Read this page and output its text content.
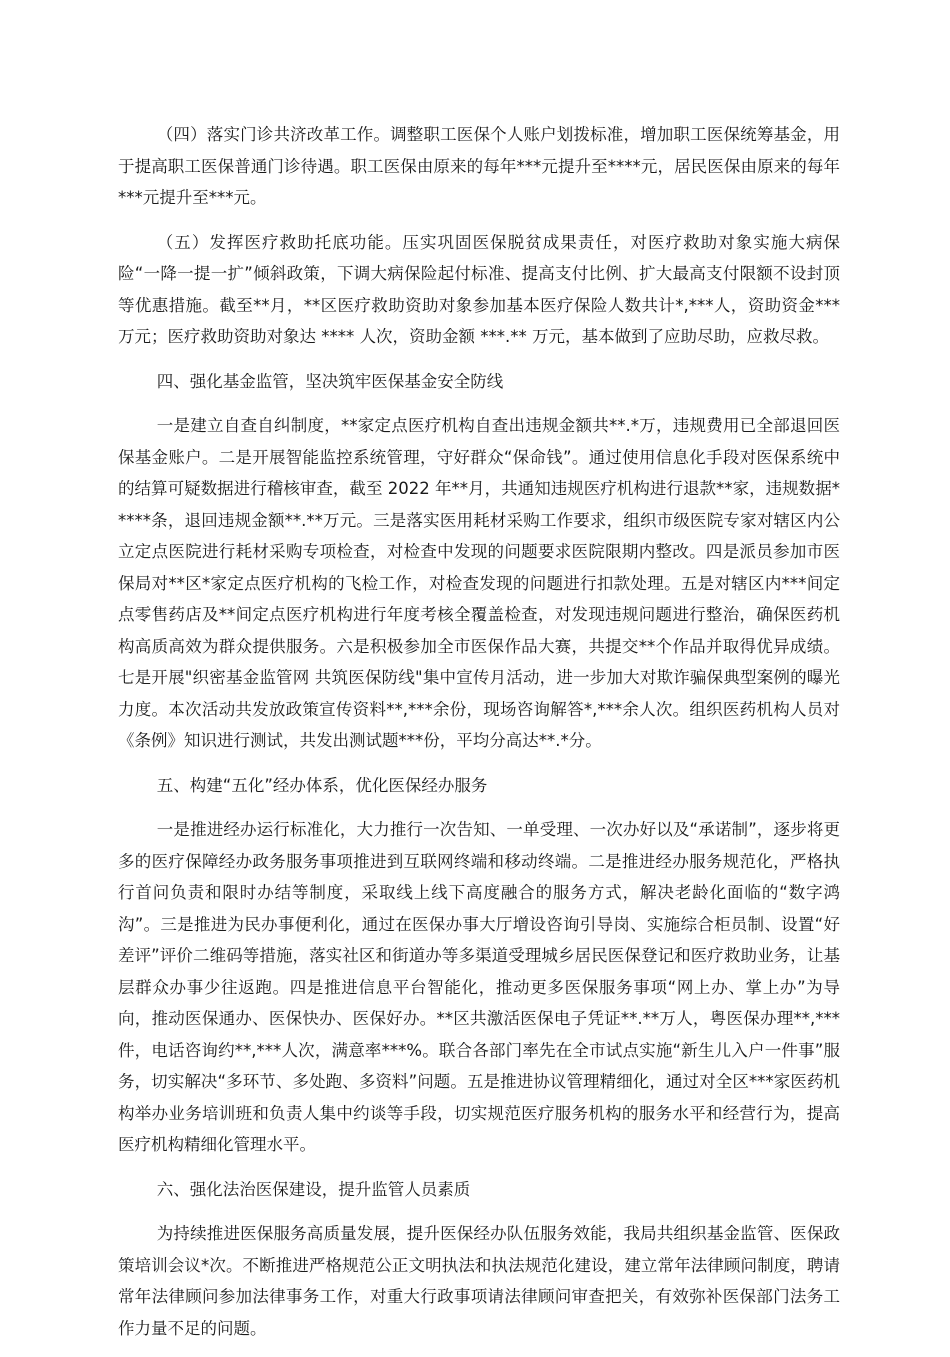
（四）落实门诊共济改革工作。调整职工医保个人账户划拨标准，增加职工医保统筹基金，用于提高职工医保普通门诊待遇。职工医保由原来的每年***元提升至****元，居民医保由原来的每年***元提升至***元。

（五）发挥医疗救助托底功能。压实巩固医保脱贫成果责任，对医疗救助对象实施大病保险“一降一提一扩”倾斜政策，下调大病保险起付标准、提高支付比例、扩大最高支付限额不设封顶等优惠措施。截至**月，**区医疗救助资助对象参加基本医疗保险人数共计*,***人，资助资金***万元；医疗救助资助对象达 **** 人次，资助金额 ***.** 万元，基本做到了应助尽助，应救尽救。

四、强化基金监管，坚决筑牢医保基金安全防线

一是建立自查自纠制度，**家定点医疗机构自查出违规金额共**.*万，违规费用已全部退回医保基金账户。二是开展智能监控系统管理，守好群众“保命钱”。通过使用信息化手段对医保系统中的结算可疑数据进行稽核审查，截至 2022 年**月，共通知违规医疗机构进行退款**家，违规数据*****条，退回违规金额**.**万元。三是落实医用耗材采购工作要求，组织市级医院专家对辖区内公立定点医院进行耗材采购专项检查，对检查中发现的问题要求医院限期内整改。四是派员参加市医保局对**区*家定点医疗机构的飞检工作，对检查发现的问题进行扣款处理。五是对辖区内***间定点零售药店及**间定点医疗机构进行年度考核全覆盖检查，对发现违规问题进行整治，确保医药机构高质高效为群众提供服务。六是积极参加全市医保作品大赛，共提交**个作品并取得优异成绩。七是开展"织密基金监管网 共筑医保防线"集中宣传月活动，进一步加大对欺诈骗保典型案例的曝光力度。本次活动共发放政策宣传资料**,***余份，现场咨询解答*,***余人次。组织医药机构人员对《条例》知识进行测试，共发出测试题***份，平均分高达**.*分。

五、构建“五化”经办体系，优化医保经办服务

一是推进经办运行标准化，大力推行一次告知、一单受理、一次办好以及“承诺制”，逐步将更多的医疗保障经办政务服务事项推进到互联网终端和移动终端。二是推进经办服务规范化，严格执行首问负责和限时办结等制度，采取线上线下高度融合的服务方式，解决老龄化面临的“数字鸿沟”。三是推进为民办事便利化，通过在医保办事大厅增设咨询引导岗、实施综合柜员制、设置“好差评”评价二维码等措施，落实社区和街道办等多渠道受理城乡居民医保登记和医疗救助业务，让基层群众办事少往返跑。四是推进信息平台智能化，推动更多医保服务事项“网上办、掌上办”为导向，推动医保通办、医保快办、医保好办。**区共激活医保电子凭证**.**万人，粤医保办理**,***件，电话咨询约**,***人次，满意率***%。联合各部门率先在全市试点实施“新生儿入户一件事”服务，切实解决“多环节、多处跑、多资料”问题。五是推进协议管理精细化，通过对全区***家医药机构举办业务培训班和负责人集中约谈等手段，切实规范医疗服务机构的服务水平和经营行为，提高医疗机构精细化管理水平。

六、强化法治医保建设，提升监管人员素质

为持续推进医保服务高质量发展，提升医保经办队伍服务效能，我局共组织基金监管、医保政策培训会议*次。不断推进严格规范公正文明执法和执法规范化建设，建立常年法律顾问制度，聘请常年法律顾问参加法律事务工作，对重大行政事项请法律顾问审查把关，有效弥补医保部门法务工作力量不足的问题。
